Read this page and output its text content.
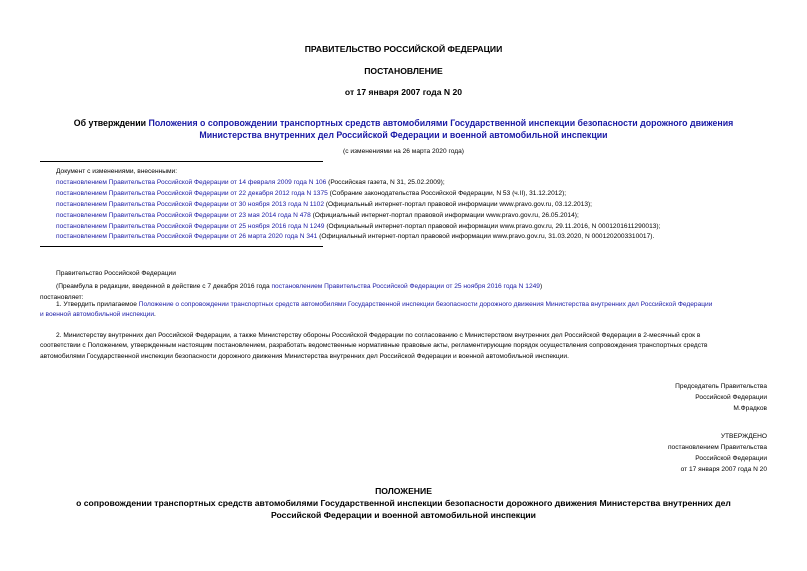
ПРАВИТЕЛЬСТВО РОССИЙСКОЙ ФЕДЕРАЦИИ
ПОСТАНОВЛЕНИЕ
от 17 января 2007 года N 20
Об утверждении Положения о сопровождении транспортных средств автомобилями Государственной инспекции безопасности дорожного движения
Министерства внутренних дел Российской Федерации и военной автомобильной инспекции
(с изменениями на 26 марта 2020 года)
Документ с изменениями, внесенными:
постановлением Правительства Российской Федерации от 14 февраля 2009 года N 106 (Российская газета, N 31, 25.02.2009);
постановлением Правительства Российской Федерации от 22 декабря 2012 года N 1375 (Собрание законодательства Российской Федерации, N 53 (ч.II), 31.12.2012);
постановлением Правительства Российской Федерации от 30 ноября 2013 года N 1102 (Официальный интернет-портал правовой информации www.pravo.gov.ru, 03.12.2013);
постановлением Правительства Российской Федерации от 23 мая 2014 года N 478 (Официальный интернет-портал правовой информации www.pravo.gov.ru, 26.05.2014);
постановлением Правительства Российской Федерации от 25 ноября 2016 года N 1249 (Официальный интернет-портал правовой информации www.pravo.gov.ru, 29.11.2016, N 0001201611290013);
постановлением Правительства Российской Федерации от 26 марта 2020 года N 341 (Официальный интернет-портал правовой информации www.pravo.gov.ru, 31.03.2020, N 0001202003310017).
Правительство Российской Федерации
(Преамбула в редакции, введенной в действие с 7 декабря 2016 года постановлением Правительства Российской Федерации от 25 ноября 2016 года N 1249)
постановляет:
1. Утвердить прилагаемое Положение о сопровождении транспортных средств автомобилями Государственной инспекции безопасности дорожного движения Министерства внутренних дел Российской Федерации
и военной автомобильной инспекции.
2. Министерству внутренних дел Российской Федерации, а также Министерству обороны Российской Федерации по согласованию с Министерством внутренних дел Российской Федерации в 2-месячный срок в
соответствии с Положением, утвержденным настоящим постановлением, разработать ведомственные нормативные правовые акты, регламентирующие порядок осуществления сопровождения транспортных средств
автомобилями Государственной инспекции безопасности дорожного движения Министерства внутренних дел Российской Федерации и военной автомобильной инспекции.
Председатель Правительства
Российской Федерации
М.Фрадков
УТВЕРЖДЕНО
постановлением Правительства
Российской Федерации
от 17 января 2007 года N 20
ПОЛОЖЕНИЕ
о сопровождении транспортных средств автомобилями Государственной инспекции безопасности дорожного движения Министерства внутренних дел
Российской Федерации и военной автомобильной инспекции
